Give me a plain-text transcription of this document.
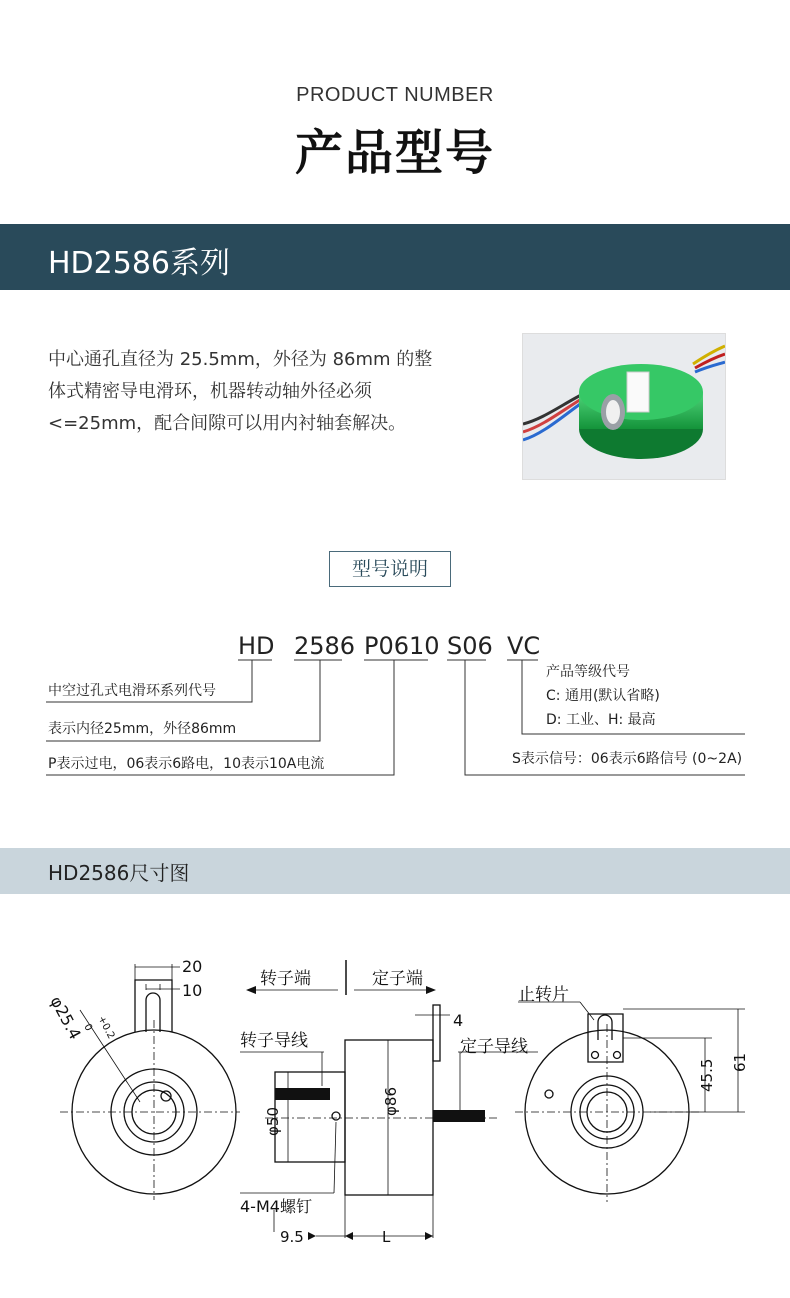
PRODUCT NUMBER
产品型号
HD2586系列
中心通孔直径为 25.5mm，外径为 86mm 的整体式精密导电滑环，机器转动轴外径必须<=25mm，配合间隙可以用内衬轴套解决。
型号说明
HD 2586 P0610 S06 VC
中空过孔式电滑环系列代号
表示内径25mm，外径86mm
P表示过电，06表示6路电，10表示10A电流	S表示信号：06表示6路信号 (0~2A)
产品等级代号
C: 通用(默认省略)
D: 工业、H: 最高
HD2586尺寸图
20
10
φ25.4 +0.2
0
转子端	定子端
转子导线	定子导线
φ50
φ86
4-M4螺钉
9.5	L
4
止转片
45.5 61
